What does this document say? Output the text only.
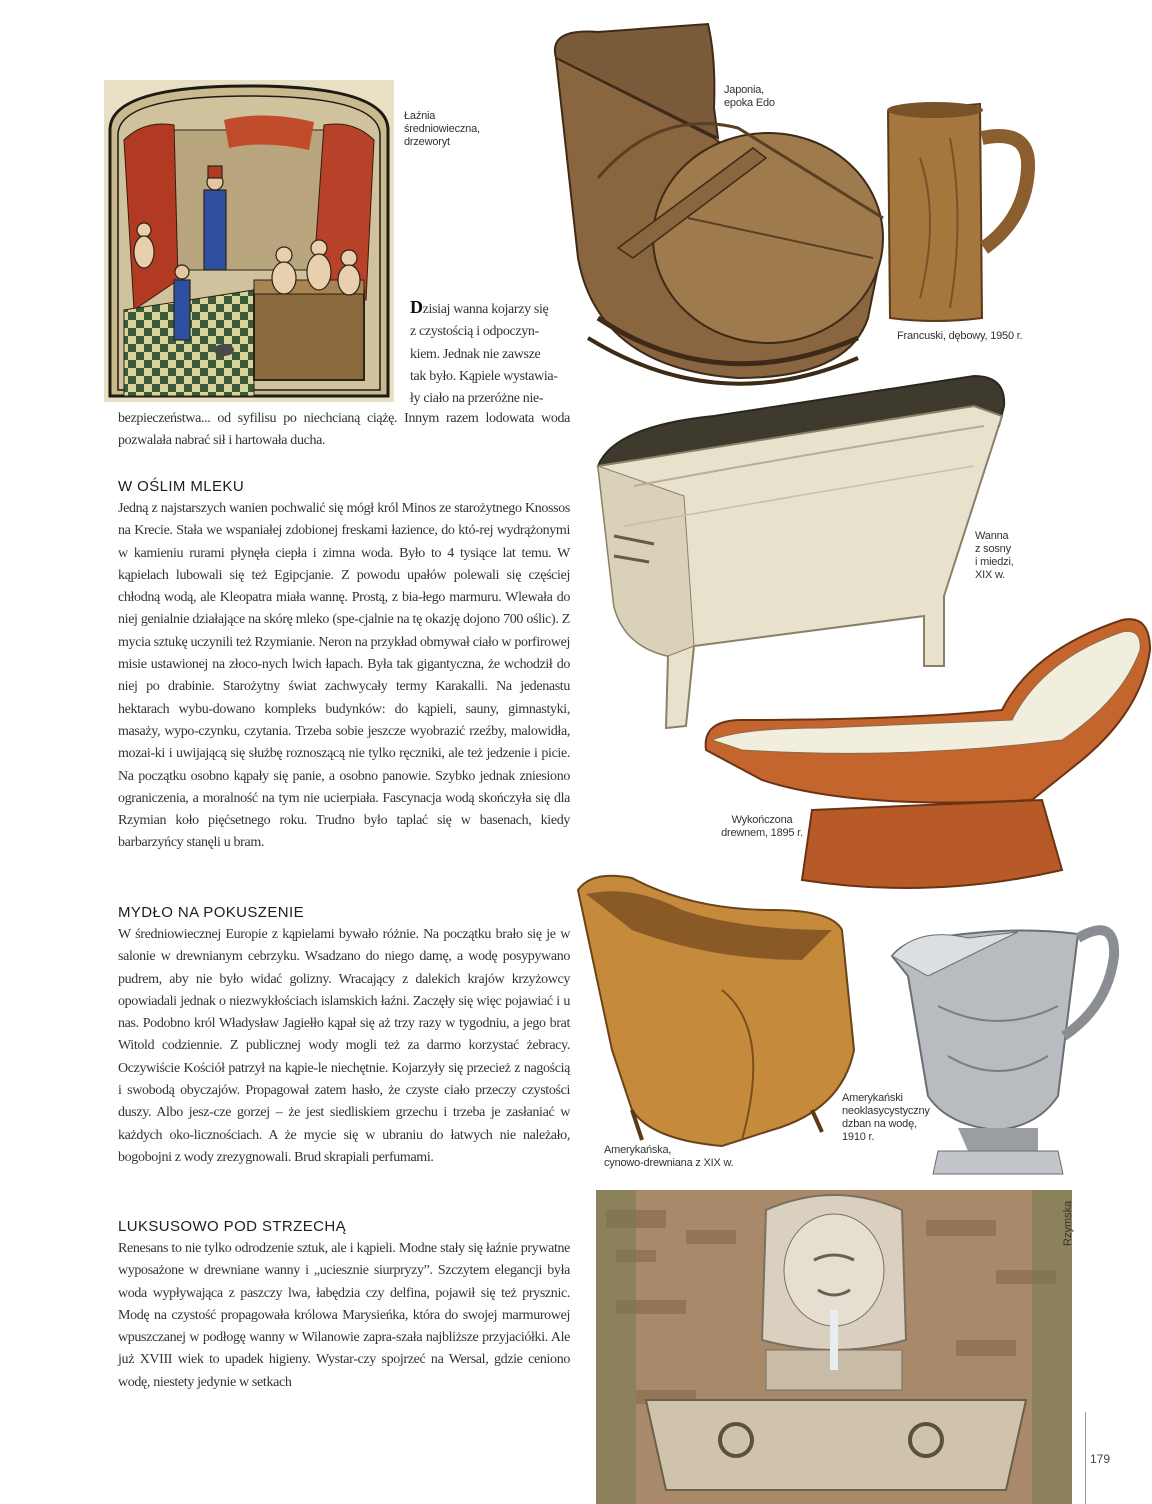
Łaźnia
średniowieczna,
drzeworyt
Japonia,
epoka Edo
Francuski, dębowy, 1950 r.

Dzisiaj wanna kojarzy się
z czystością i odpoczyn-
kiem. Jednak nie zawsze
tak było. Kąpiele wystawia-
ły ciało na przeróżne nie-

bezpieczeństwa... od syfilisu po niechcianą ciążę. Innym razem lodowata woda pozwalała nabrać sił i hartowała ducha.

W OŚLIM MLEKU

Jedną z najstarszych wanien pochwalić się mógł król Minos ze starożytnego Knossos na Krecie. Stała we wspaniałej zdobionej freskami łazience, do któ-rej wydrążonymi w kamieniu rurami płynęła ciepła i zimna woda. Było to 4 tysiące lat temu. W kąpielach lubowali się też Egipcjanie. Z powodu upałów polewali się częściej chłodną wodą, ale Kleopatra miała wannę. Prostą, z bia-łego marmuru. Wlewała do niej genialnie działające na skórę mleko (spe-cjalnie na tę okazję dojono 700 oślic). Z mycia sztukę uczynili też Rzymianie. Neron na przykład obmywał ciało w porfirowej misie ustawionej na złoco-nych lwich łapach. Była tak gigantyczna, że wchodził do niej po drabinie. Starożytny świat zachwycały termy Karakalli. Na jedenastu hektarach wybu-dowano kompleks budynków: do kąpieli, sauny, gimnastyki, masaży, wypo-czynku, czytania. Trzeba sobie jeszcze wyobrazić rzeźby, malowidła, mozai-ki i uwijającą się służbę roznoszącą nie tylko ręczniki, ale też jedzenie i picie. Na początku osobno kąpały się panie, a osobno panowie. Szybko jednak zniesiono ograniczenia, a moralność na tym nie ucierpiała. Fascynacja wodą skończyła się dla Rzymian koło pięćsetnego roku. Trudno było taplać się w basenach, kiedy barbarzyńcy stanęli u bram.

MYDŁO NA POKUSZENIE

W średniowiecznej Europie z kąpielami bywało różnie. Na początku brało się je w salonie w drewnianym cebrzyku. Wsadzano do niego damę, a wodę posypywano pudrem, aby nie było widać golizny. Wracający z dalekich krajów krzyżowcy opowiadali jednak o niezwykłościach islamskich łaźni. Zaczęły się więc pojawiać i u nas. Podobno król Władysław Jagiełło kąpał się aż trzy razy w tygodniu, a jego brat Witold codziennie. Z publicznej wody mogli też za darmo korzystać żebracy. Oczywiście Kościół patrzył na kąpie-le niechętnie. Kojarzyły się przecież z nagością i swobodą obyczajów. Propagował zatem hasło, że czyste ciało przeczy czystości duszy. Albo jesz-cze gorzej – że jest siedliskiem grzechu i trzeba je zasłaniać w każdych oko-licznościach. A że mycie się w ubraniu do łatwych nie należało, bogobojni z wody zrezygnowali. Brud skrapiali perfumami.

LUKSUSOWO POD STRZECHĄ

Renesans to nie tylko odrodzenie sztuk, ale i kąpieli. Modne stały się łaźnie prywatne wyposażone w drewniane wanny i „uciesznie siurpryzy”. Szczytem elegancji była woda wypływająca z paszczy lwa, łabędzia czy delfina, pojawił się też prysznic. Modę na czystość propagowała królowa Marysieńka, która do swojej marmurowej wpuszczanej w podłogę wanny w Wilanowie zapra-szała najbliższe przyjaciółki. Ale już XVIII wiek to upadek higieny. Wystar-czy spojrzeć na Wersal, gdzie ceniono wodę, niestety jedynie w setkach

Wanna
z sosny
i miedzi,
XIX w.
Wykończona
drewnem, 1895 r.
Amerykańska,
cynowo-drewniana z XIX w.
Amerykański
neoklasycystyczny
dzban na wodę,
1910 r.
Rzymska
179
